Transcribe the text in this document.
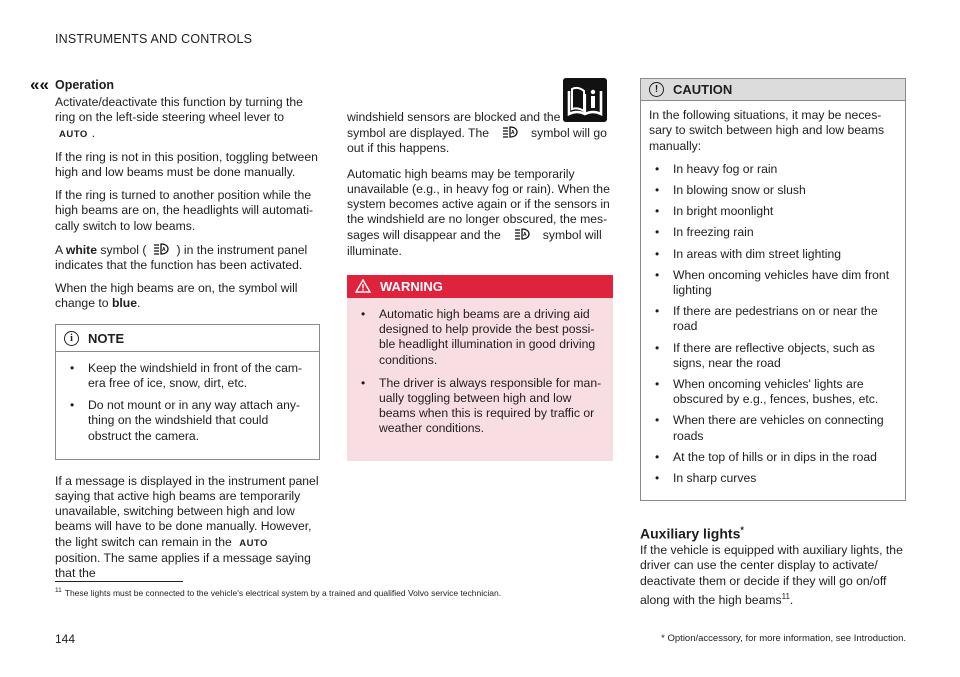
INSTRUMENTS AND CONTROLS
«« Operation

Activate/deactivate this function by turning the ring on the left-side steering wheel lever to
AUTO .

If the ring is not in this position, toggling between high and low beams must be done manually.

If the ring is turned to another position while the high beams are on, the headlights will automati-cally switch to low beams.

A white symbol (	A ) in the instrument panel indicates that the function has been activated.

When the high beams are on, the symbol will change to blue.

i	NOTE
• Keep the windshield in front of the cam-era free of ice, snow, dirt, etc.
• Do not mount or in any way attach any-thing on the windshield that could obstruct the camera.

If a message is displayed in the instrument panel saying that active high beams are temporarily unavailable, switching between high and low beams will have to be done manually. However, the light switch can remain in the AUTO position. The same applies if a message saying that the

windshield sensors are blocked and the
symbol are displayed. The	A symbol will go out if this happens.

Automatic high beams may be temporarily unavailable (e.g., in heavy fog or rain). When the system becomes active again or if the sensors in the windshield are no longer obscured, the mes-sages will disappear and the	A symbol will illuminate.

WARNING
• Automatic high beams are a driving aid designed to help provide the best possi-ble headlight illumination in good driving conditions.
• The driver is always responsible for man-ually toggling between high and low beams when this is required by traffic or weather conditions.
!	CAUTION
In the following situations, it may be neces-sary to switch between high and low beams manually:
• In heavy fog or rain
• In blowing snow or slush
• In bright moonlight
• In freezing rain
• In areas with dim street lighting
• When oncoming vehicles have dim front lighting
• If there are pedestrians on or near the road
• If there are reflective objects, such as signs, near the road
• When oncoming vehicles' lights are obscured by e.g., fences, bushes, etc.
• When there are vehicles on connecting roads
• At the top of hills or in dips in the road
• In sharp curves
Auxiliary lights*

If the vehicle is equipped with auxiliary lights, the driver can use the center display to activate/ deactivate them or decide if they will go on/off along with the high beams$^{11}$.

$^{11}$ These lights must be connected to the vehicle's electrical system by a trained and qualified Volvo service technician.
144	* Option/accessory, for more information, see Introduction.
